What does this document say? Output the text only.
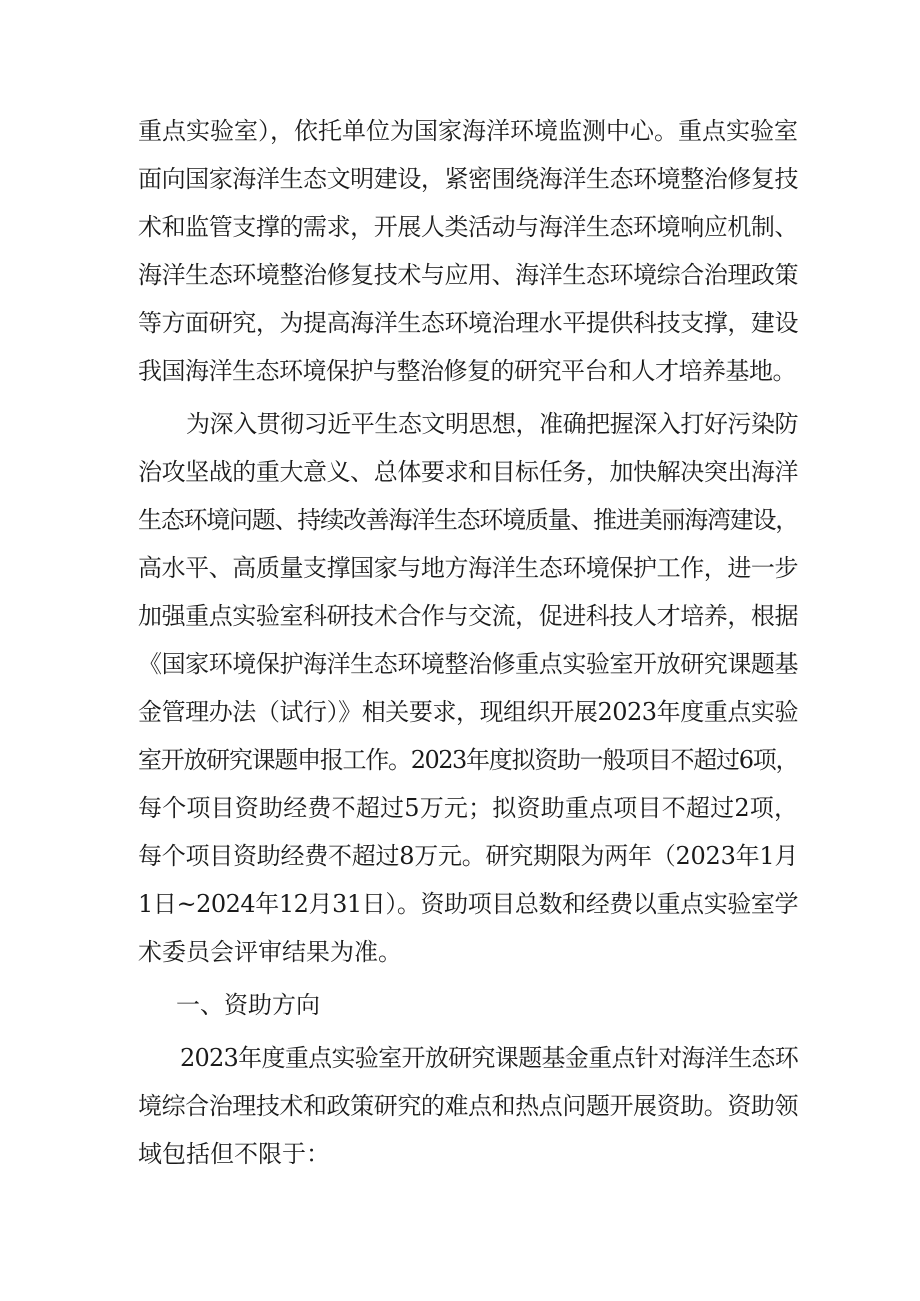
重点实验室），依托单位为国家海洋环境监测中心。重点实验室
面向国家海洋生态文明建设，紧密围绕海洋生态环境整治修复技
术和监管支撑的需求，开展人类活动与海洋生态环境响应机制、
海洋生态环境整治修复技术与应用、海洋生态环境综合治理政策
等方面研究，为提高海洋生态环境治理水平提供科技支撑，建设
我国海洋生态环境保护与整治修复的研究平台和人才培养基地。
为深入贯彻习近平生态文明思想，准确把握深入打好污染防
治攻坚战的重大意义、总体要求和目标任务，加快解决突出海洋
生态环境问题、持续改善海洋生态环境质量、推进美丽海湾建设，
高水平、高质量支撑国家与地方海洋生态环境保护工作，进一步
加强重点实验室科研技术合作与交流，促进科技人才培养，根据
《国家环境保护海洋生态环境整治修重点实验室开放研究课题基
金管理办法（试行）》相关要求，现组织开展2023年度重点实验
室开放研究课题申报工作。2023年度拟资助一般项目不超过6项，
每个项目资助经费不超过5万元；拟资助重点项目不超过2项，
每个项目资助经费不超过8万元。研究期限为两年（2023年1月
1日~2024年12月31日）。资助项目总数和经费以重点实验室学
术委员会评审结果为准。
一、资助方向
2023年度重点实验室开放研究课题基金重点针对海洋生态环
境综合治理技术和政策研究的难点和热点问题开展资助。资助领
域包括但不限于：
